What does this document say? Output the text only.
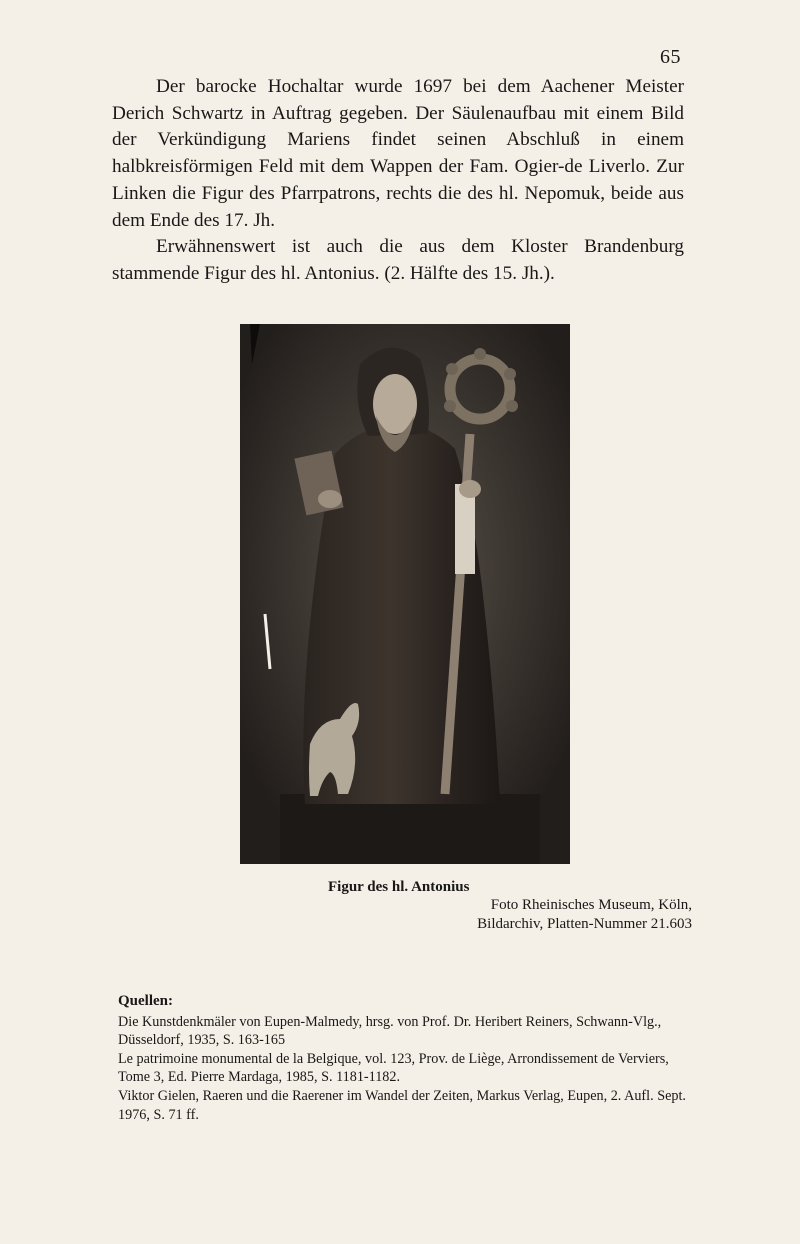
65

Der barocke Hochaltar wurde 1697 bei dem Aachener Meister Derich Schwartz in Auftrag gegeben. Der Säulenaufbau mit einem Bild der Verkündigung Mariens findet seinen Abschluß in einem halbkreisförmigen Feld mit dem Wappen der Fam. Ogier-de Liverlo. Zur Linken die Figur des Pfarrpatrons, rechts die des hl. Nepomuk, beide aus dem Ende des 17. Jh.

Erwähnenswert ist auch die aus dem Kloster Brandenburg stammende Figur des hl. Antonius. (2. Hälfte des 15. Jh.).

Figur des hl. Antonius
Foto Rheinisches Museum, Köln,
Bildarchiv, Platten-Nummer 21.603
Quellen:

Die Kunstdenkmäler von Eupen-Malmedy, hrsg. von Prof. Dr. Heribert Reiners, Schwann-Vlg., Düsseldorf, 1935, S. 163-165

Le patrimoine monumental de la Belgique, vol. 123, Prov. de Liège, Arrondissement de Verviers, Tome 3, Ed. Pierre Mardaga, 1985, S. 1181-1182.

Viktor Gielen, Raeren und die Raerener im Wandel der Zeiten, Markus Verlag, Eupen, 2. Aufl. Sept. 1976, S. 71 ff.
